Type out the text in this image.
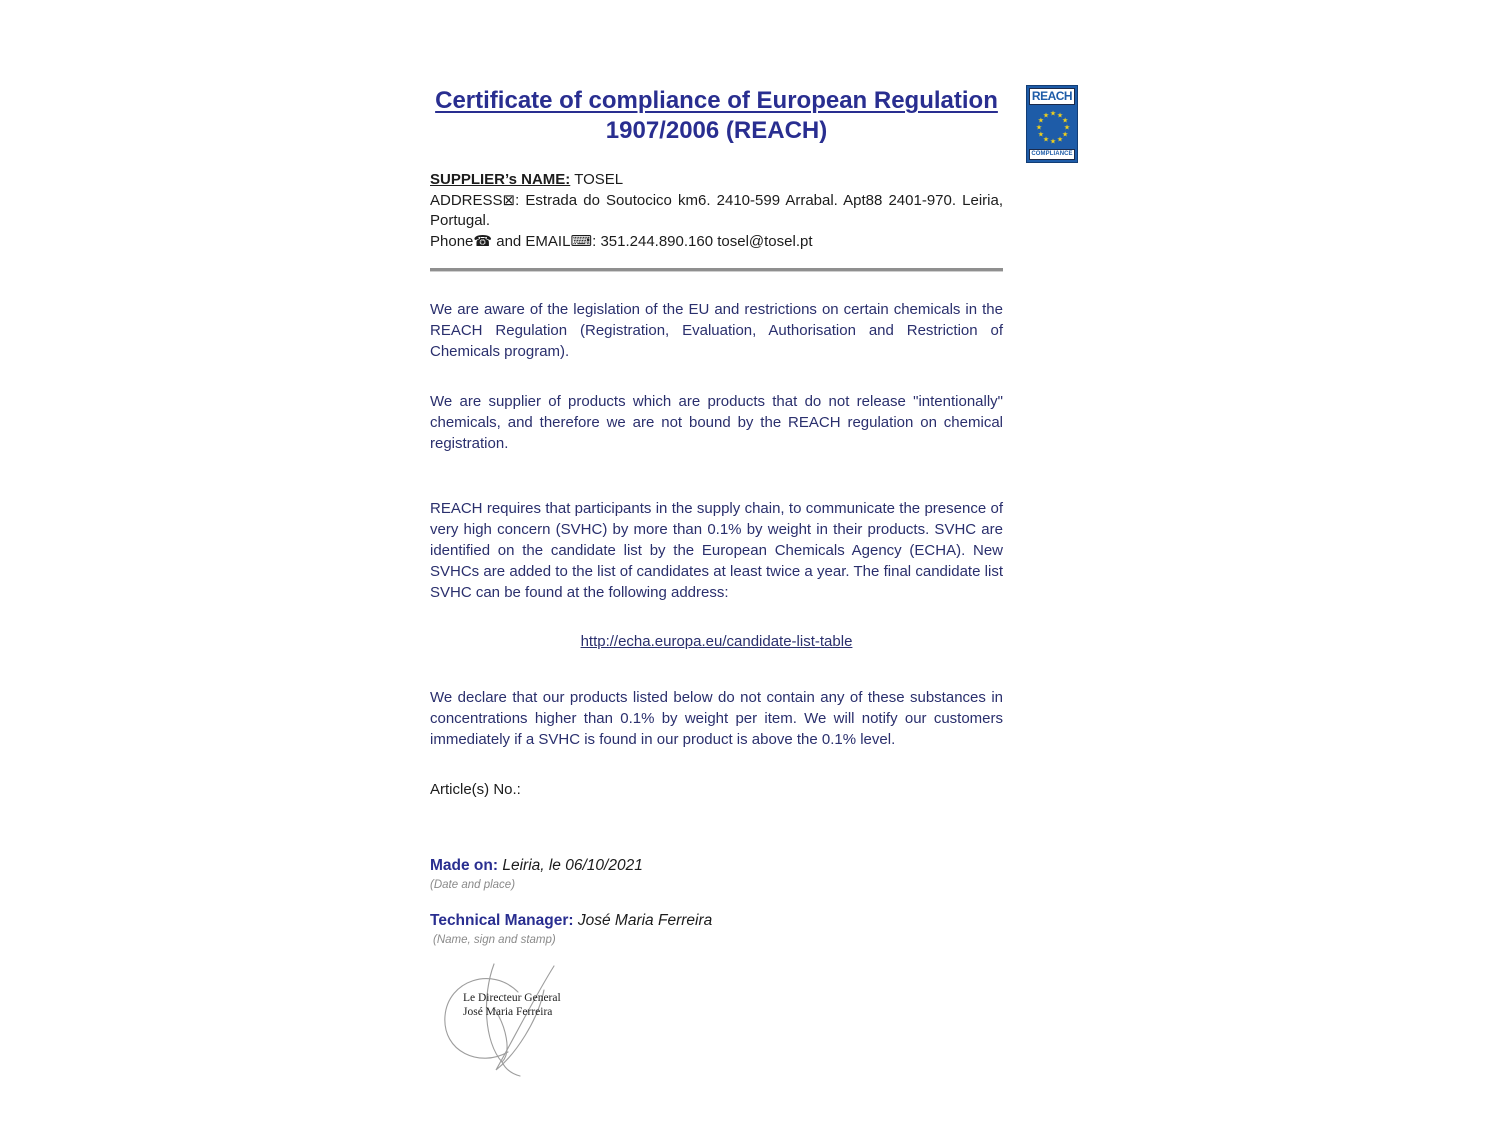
REACH
★ ★
★
★
★
★
★
★
★
★
★
★
COMPLIANCE
Certificate of compliance of European Regulation
1907/2006 (REACH)
SUPPLIER’s NAME: TOSEL
ADDRESS⊠: Estrada do Soutocico km6. 2410-599 Arrabal. Apt88 2401-970. Leiria, Portugal.
Phone☎ and EMAIL⌨: 351.244.890.160 tosel@tosel.pt
We are aware of the legislation of the EU and restrictions on certain chemicals in the REACH Regulation (Registration, Evaluation, Authorisation and Restriction of Chemicals program).
We are supplier of products which are products that do not release "intentionally" chemicals, and therefore we are not bound by the REACH regulation on chemical registration.
REACH requires that participants in the supply chain, to communicate the presence of very high concern (SVHC) by more than 0.1% by weight in their products. SVHC are identified on the candidate list by the European Chemicals Agency (ECHA). New SVHCs are added to the list of candidates at least twice a year. The final candidate list SVHC can be found at the following address:
http://echa.europa.eu/candidate-list-table
We declare that our products listed below do not contain any of these substances in concentrations higher than 0.1% by weight per item. We will notify our customers immediately if a SVHC is found in our product is above the 0.1% level.
Article(s) No.:
Made on: Leiria, le 06/10/2021
(Date and place)
Technical Manager: José Maria Ferreira
(Name, sign and stamp)
Le Directeur General
José Maria Ferreira
